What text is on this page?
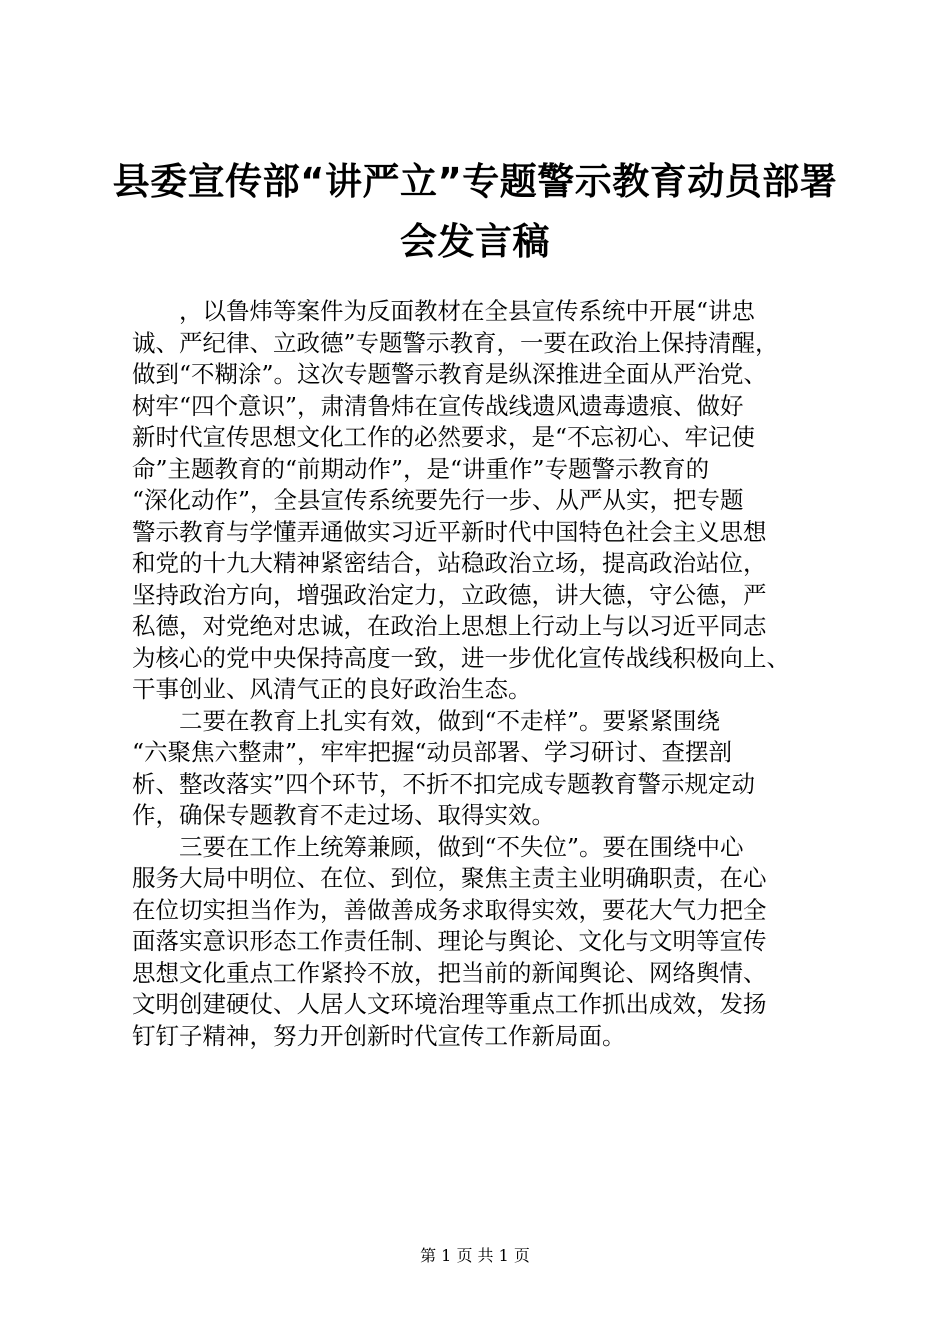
县委宣传部“讲严立”专题警示教育动员部署
会发言稿
　　，以鲁炜等案件为反面教材在全县宣传系统中开展“讲忠
诚、严纪律、立政德”专题警示教育，一要在政治上保持清醒，
做到“不糊涂”。这次专题警示教育是纵深推进全面从严治党、
树牢“四个意识”，肃清鲁炜在宣传战线遗风遗毒遗痕、做好
新时代宣传思想文化工作的必然要求，是“不忘初心、牢记使
命”主题教育的“前期动作”，是“讲重作”专题警示教育的
“深化动作”，全县宣传系统要先行一步、从严从实，把专题
警示教育与学懂弄通做实习近平新时代中国特色社会主义思想
和党的十九大精神紧密结合，站稳政治立场，提高政治站位，
坚持政治方向，增强政治定力，立政德，讲大德，守公德，严
私德，对党绝对忠诚，在政治上思想上行动上与以习近平同志
为核心的党中央保持高度一致，进一步优化宣传战线积极向上、
干事创业、风清气正的良好政治生态。
　　二要在教育上扎实有效，做到“不走样”。要紧紧围绕
“六聚焦六整肃”，牢牢把握“动员部署、学习研讨、查摆剖
析、整改落实”四个环节，不折不扣完成专题教育警示规定动
作，确保专题教育不走过场、取得实效。
　　三要在工作上统筹兼顾，做到“不失位”。要在围绕中心
服务大局中明位、在位、到位，聚焦主责主业明确职责，在心
在位切实担当作为，善做善成务求取得实效，要花大气力把全
面落实意识形态工作责任制、理论与舆论、文化与文明等宣传
思想文化重点工作紧拎不放，把当前的新闻舆论、网络舆情、
文明创建硬仗、人居人文环境治理等重点工作抓出成效，发扬
钉钉子精神，努力开创新时代宣传工作新局面。
第 1 页 共 1 页
